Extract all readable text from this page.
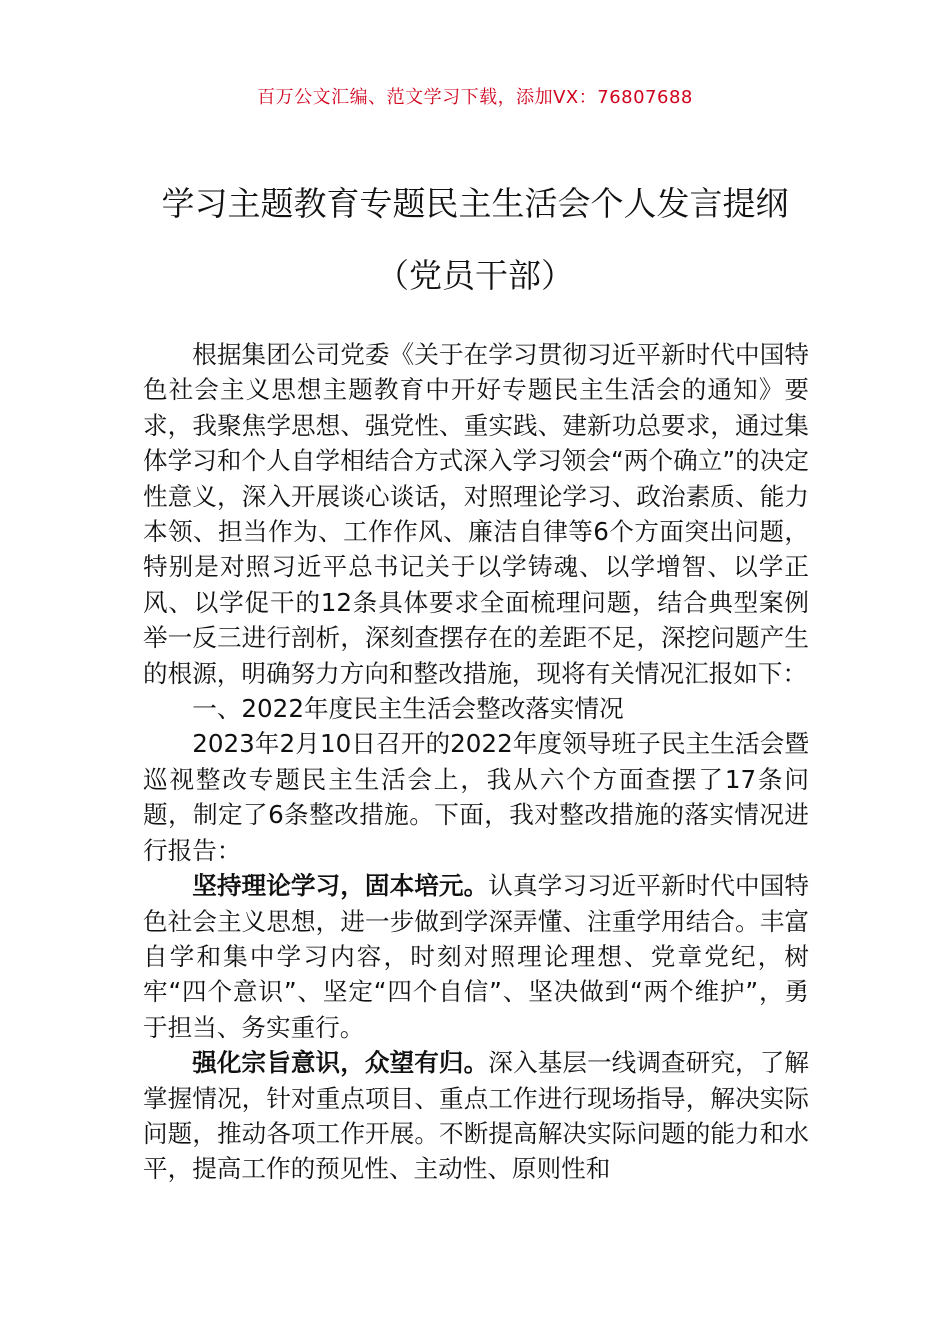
百万公文汇编、范文学习下载，添加VX：76807688
学习主题教育专题民主生活会个人发言提纲 （党员干部）

根据集团公司党委《关于在学习贯彻习近平新时代中国特色社会主义思想主题教育中开好专题民主生活会的通知》要求，我聚焦学思想、强党性、重实践、建新功总要求，通过集体学习和个人自学相结合方式深入学习领会“两个确立”的决定性意义，深入开展谈心谈话，对照理论学习、政治素质、能力本领、担当作为、工作作风、廉洁自律等6个方面突出问题，特别是对照习近平总书记关于以学铸魂、以学增智、以学正风、以学促干的12条具体要求全面梳理问题，结合典型案例举一反三进行剖析，深刻查摆存在的差距不足，深挖问题产生的根源，明确努力方向和整改措施，现将有关情况汇报如下：

一、2022年度民主生活会整改落实情况

2023年2月10日召开的2022年度领导班子民主生活会暨巡视整改专题民主生活会上，我从六个方面查摆了17条问题，制定了6条整改措施。下面，我对整改措施的落实情况进行报告：

坚持理论学习，固本培元。认真学习习近平新时代中国特色社会主义思想，进一步做到学深弄懂、注重学用结合。丰富自学和集中学习内容，时刻对照理论理想、党章党纪，树牢“四个意识”、坚定“四个自信”、坚决做到“两个维护”，勇于担当、务实重行。

强化宗旨意识，众望有归。深入基层一线调查研究，了解掌握情况，针对重点项目、重点工作进行现场指导，解决实际问题，推动各项工作开展。不断提高解决实际问题的能力和水平，提高工作的预见性、主动性、原则性和
